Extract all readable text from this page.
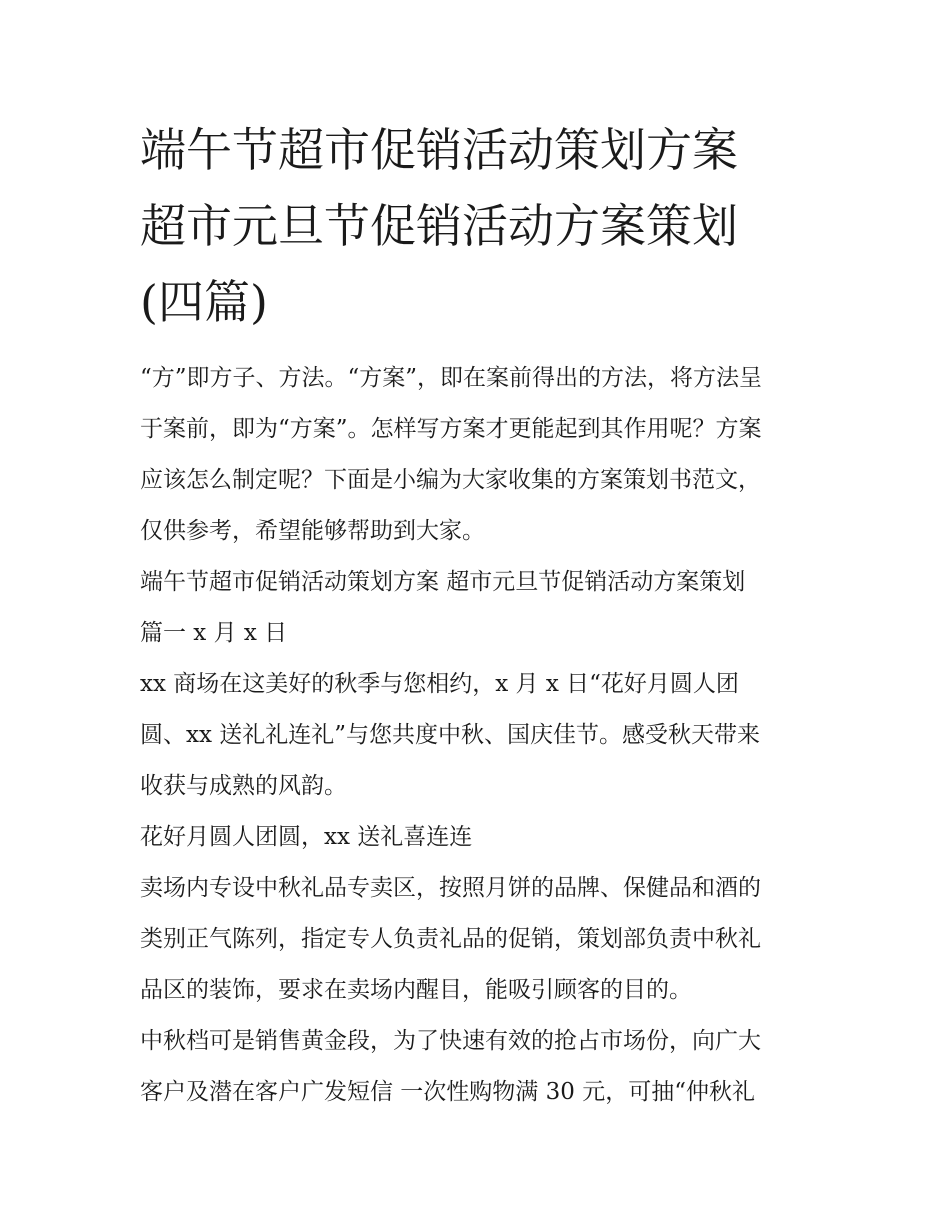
端午节超市促销活动策划方案
超市元旦节促销活动方案策划
(四篇)

“方”即方子、方法。“方案”，即在案前得出的方法，将方法呈
于案前，即为“方案”。怎样写方案才更能起到其作用呢？方案
应该怎么制定呢？下面是小编为大家收集的方案策划书范文，
仅供参考，希望能够帮助到大家。

端午节超市促销活动策划方案 超市元旦节促销活动方案策划
篇一 x 月 x 日

xx 商场在这美好的秋季与您相约，x 月 x 日“花好月圆人团
圆、xx 送礼礼连礼”与您共度中秋、国庆佳节。感受秋天带来
收获与成熟的风韵。

花好月圆人团圆，xx 送礼喜连连

卖场内专设中秋礼品专卖区，按照月饼的品牌、保健品和酒的
类别正气陈列，指定专人负责礼品的促销，策划部负责中秋礼
品区的装饰，要求在卖场内醒目，能吸引顾客的目的。

中秋档可是销售黄金段，为了快速有效的抢占市场份，向广大
客户及潜在客户广发短信 一次性购物满 30 元，可抽“仲秋礼
